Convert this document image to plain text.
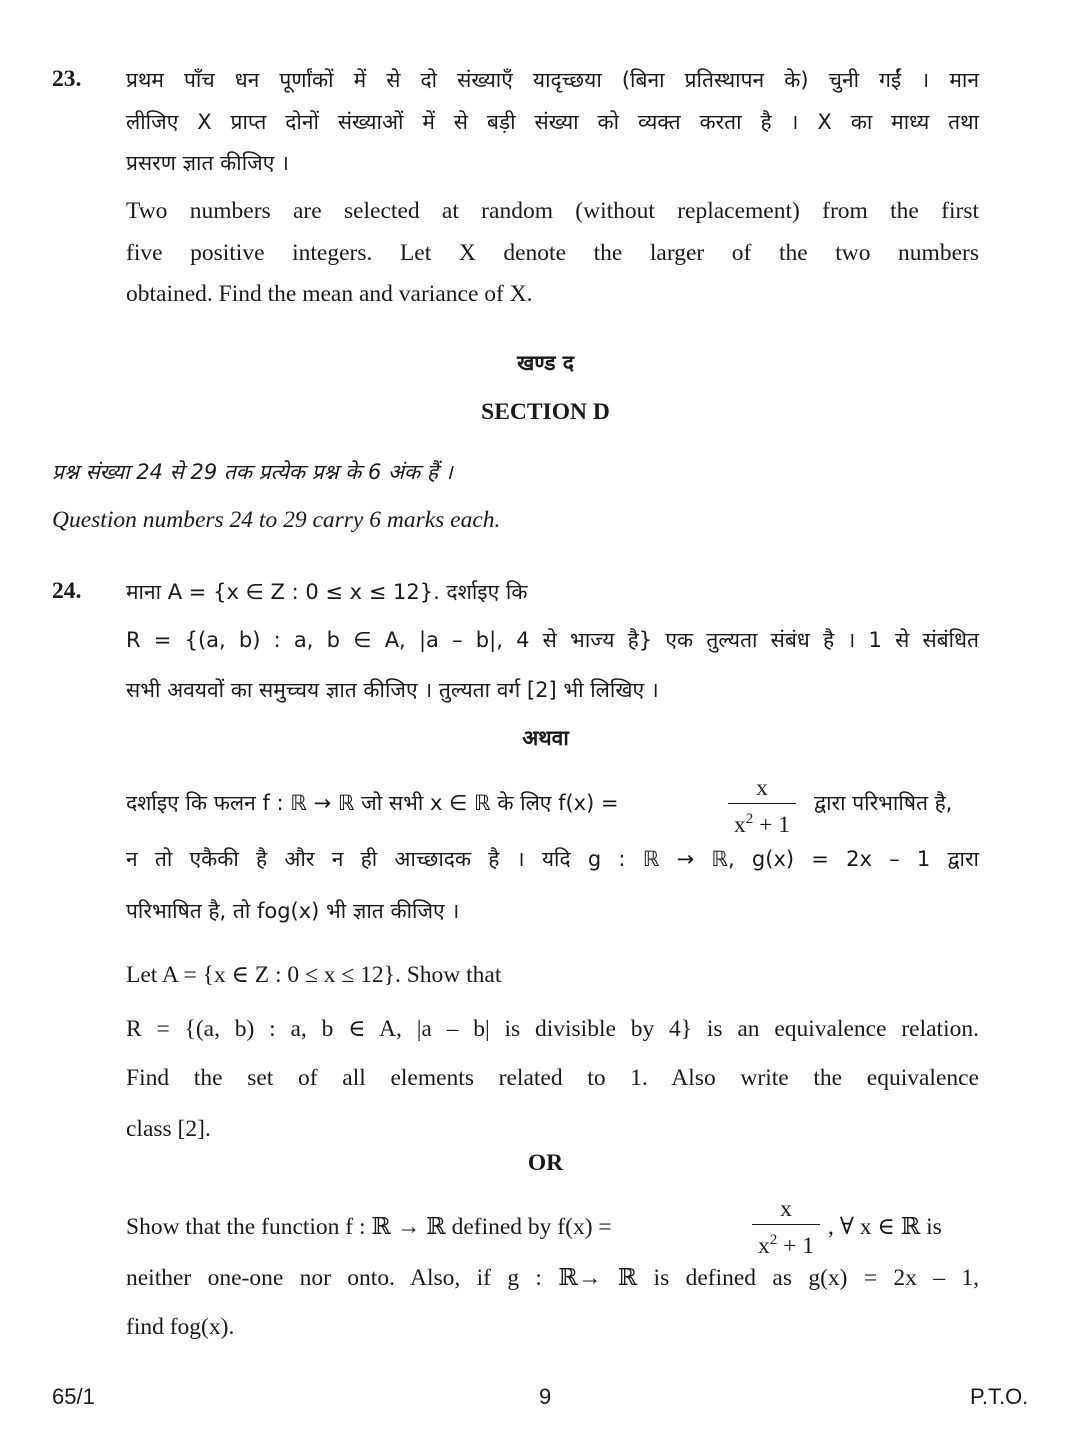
23. प्रथम पाँच धन पूर्णांकों में से दो संख्याएँ यादृच्छया (बिना प्रतिस्थापन के) चुनी गईं । मान
लीजिए X प्राप्त दोनों संख्याओं में से बड़ी संख्या को व्यक्त करता है । X का माध्य तथा
प्रसरण ज्ञात कीजिए ।
Two numbers are selected at random (without replacement) from the first
five positive integers. Let X denote the larger of the two numbers
obtained. Find the mean and variance of X.
खण्ड द
SECTION D
प्रश्न संख्या 24 से 29 तक प्रत्येक प्रश्न के 6 अंक हैं ।
Question numbers 24 to 29 carry 6 marks each.
24. माना A = {x ∈ Z : 0 ≤ x ≤ 12}. दर्शाइए कि
R = {(a, b) : a, b ∈ A, |a – b|, 4 से भाज्य है} एक तुल्यता संबंध है । 1 से संबंधित
सभी अवयवों का समुच्चय ज्ञात कीजिए । तुल्यता वर्ग [2] भी लिखिए ।
अथवा
दर्शाइए कि फलन f : ℝ → ℝ जो सभी x ∈ ℝ के लिए f(x) =	$\frac{x}{x^2 + 1}$ द्वारा परिभाषित है,
न तो एकैकी है और न ही आच्छादक है । यदि g : ℝ → ℝ, g(x) = 2x – 1 द्वारा
परिभाषित है, तो fog(x) भी ज्ञात कीजिए ।
Let A = {x ∈ Z : 0 ≤ x ≤ 12}. Show that
R = {(a, b) : a, b ∈ A, |a – b| is divisible by 4} is an equivalence relation.
Find the set of all elements related to 1. Also write the equivalence
class [2].
OR
Show that the function f : ℝ → ℝ defined by f(x) =	$\frac{x}{x^2 + 1}$ , ∀ x ∈ ℝ is
neither one-one nor onto. Also, if g : ℝ→ ℝ is defined as g(x) = 2x – 1,
find fog(x).
65/1	9	P.T.O.
